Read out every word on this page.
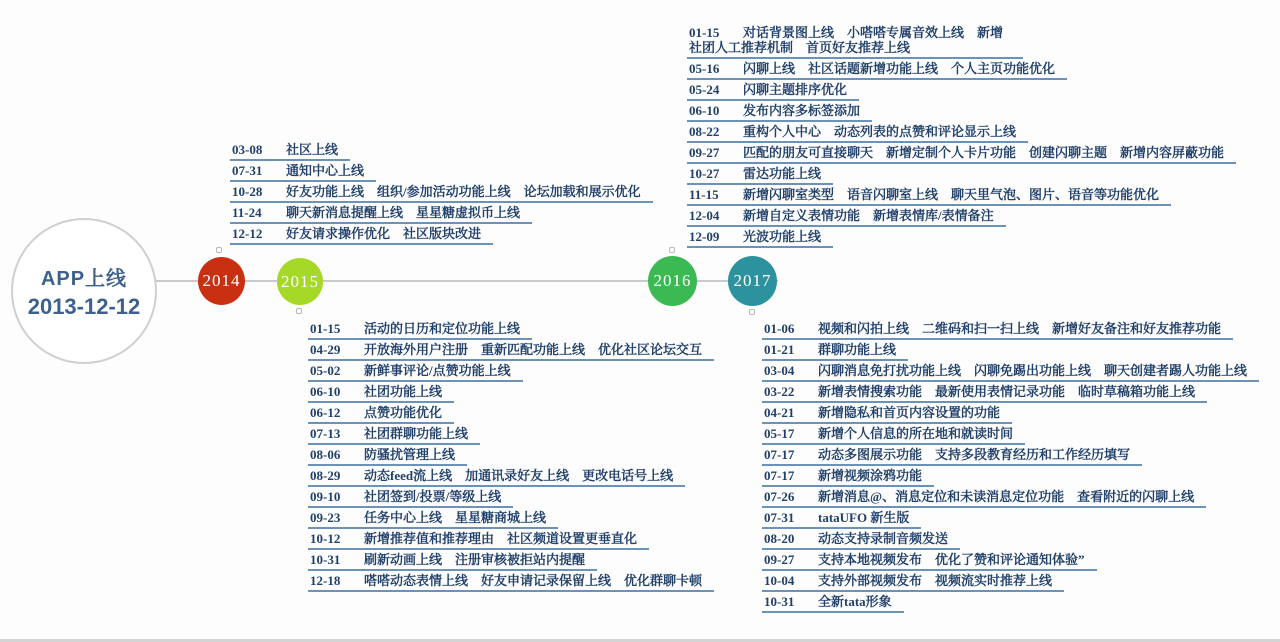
APP上线
2013-12-12
2014 2015	2016 2017
03-08 社区上线
07-31 通知中心上线
10-28 好友功能上线  组织/参加活动功能上线  论坛加载和展示优化
11-24 聊天新消息提醒上线  星星糖虚拟币上线
12-12 好友请求操作优化  社区版块改进
01-15 活动的日历和定位功能上线
04-29 开放海外用户注册  重新匹配功能上线  优化社区论坛交互
05-02 新鲜事评论/点赞功能上线
06-10 社团功能上线
06-12 点赞功能优化
07-13 社团群聊功能上线
08-06 防骚扰管理上线
08-29 动态feed流上线  加通讯录好友上线  更改电话号上线
09-10 社团签到/投票/等级上线
09-23 任务中心上线  星星糖商城上线
10-12 新增推荐值和推荐理由  社区频道设置更垂直化
10-31 刷新动画上线  注册审核被拒站内提醒
12-18 嗒嗒动态表情上线  好友申请记录保留上线  优化群聊卡顿
01-15 对话背景图上线  小嗒嗒专属音效上线  新增社团人工推荐机制  首页好友推荐上线
05-16 闪聊上线  社区话题新增功能上线  个人主页功能优化
05-24 闪聊主题排序优化
06-10 发布内容多标签添加
08-22 重构个人中心  动态列表的点赞和评论显示上线
09-27 匹配的朋友可直接聊天  新增定制个人卡片功能  创建闪聊主题  新增内容屏蔽功能
10-27 雷达功能上线
11-15 新增闪聊室类型  语音闪聊室上线  聊天里气泡、图片、语音等功能优化
12-04 新增自定义表情功能  新增表情库/表情备注
12-09 光波功能上线
01-06 视频和闪拍上线  二维码和扫一扫上线  新增好友备注和好友推荐功能
01-21 群聊功能上线
03-04 闪聊消息免打扰功能上线  闪聊免踢出功能上线  聊天创建者踢人功能上线
03-22 新增表情搜索功能  最新使用表情记录功能  临时草稿箱功能上线
04-21 新增隐私和首页内容设置的功能
05-17 新增个人信息的所在地和就读时间
07-17 动态多图展示功能  支持多段教育经历和工作经历填写
07-17 新增视频涂鸦功能
07-26 新增消息@、消息定位和未读消息定位功能  查看附近的闪聊上线
07-31 tataUFO 新生版
08-20 动态支持录制音频发送
09-27 支持本地视频发布  优化了赞和评论通知体验”
10-04 支持外部视频发布  视频流实时推荐上线
10-31 全新tata形象
